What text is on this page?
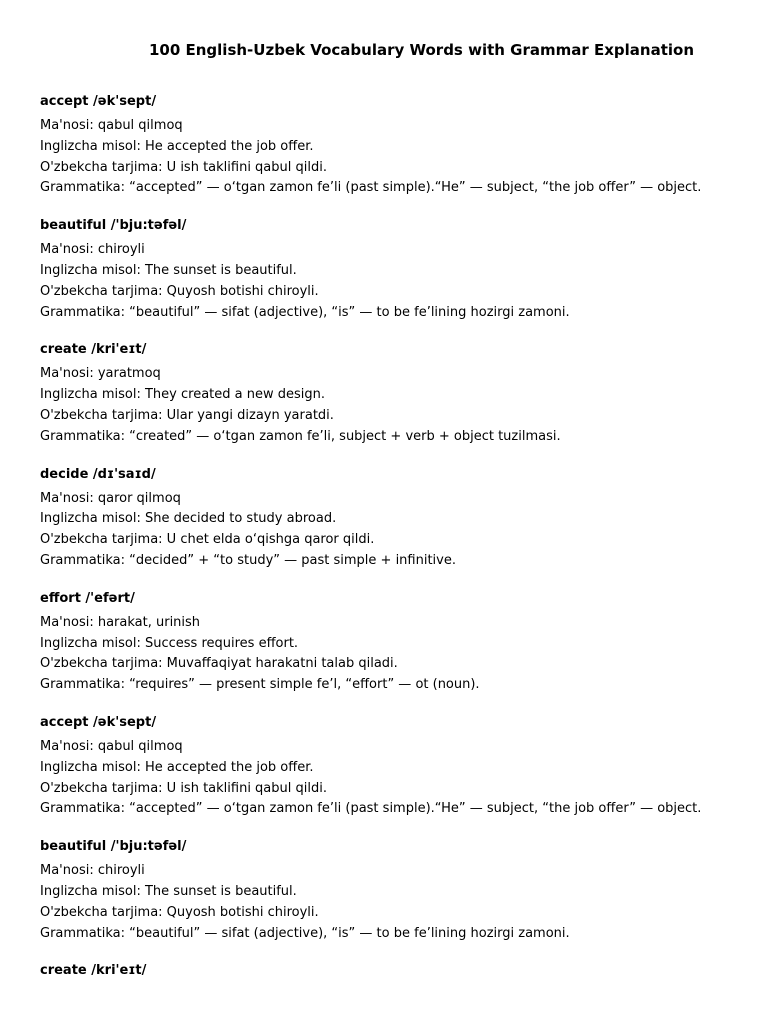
100 English-Uzbek Vocabulary Words with Grammar Explanation
accept /ək'sept/
Ma'nosi: qabul qilmoq
Inglizcha misol: He accepted the job offer.
O'zbekcha tarjima: U ish taklifini qabul qildi.
Grammatika: “accepted” — o‘tgan zamon fe’li (past simple).“He” — subject, “the job offer” — object.
beautiful /'bju:təfəl/
Ma'nosi: chiroyli
Inglizcha misol: The sunset is beautiful.
O'zbekcha tarjima: Quyosh botishi chiroyli.
Grammatika: “beautiful” — sifat (adjective), “is” — to be fe’lining hozirgi zamoni.
create /kri'eɪt/
Ma'nosi: yaratmoq
Inglizcha misol: They created a new design.
O'zbekcha tarjima: Ular yangi dizayn yaratdi.
Grammatika: “created” — o‘tgan zamon fe’li, subject + verb + object tuzilmasi.
decide /dɪ'saɪd/
Ma'nosi: qaror qilmoq
Inglizcha misol: She decided to study abroad.
O'zbekcha tarjima: U chet elda o‘qishga qaror qildi.
Grammatika: “decided” + “to study” — past simple + infinitive.
effort /'efərt/
Ma'nosi: harakat, urinish
Inglizcha misol: Success requires effort.
O'zbekcha tarjima: Muvaffaqiyat harakatni talab qiladi.
Grammatika: “requires” — present simple fe’l, “effort” — ot (noun).
accept /ək'sept/
Ma'nosi: qabul qilmoq
Inglizcha misol: He accepted the job offer.
O'zbekcha tarjima: U ish taklifini qabul qildi.
Grammatika: “accepted” — o‘tgan zamon fe’li (past simple).“He” — subject, “the job offer” — object.
beautiful /'bju:təfəl/
Ma'nosi: chiroyli
Inglizcha misol: The sunset is beautiful.
O'zbekcha tarjima: Quyosh botishi chiroyli.
Grammatika: “beautiful” — sifat (adjective), “is” — to be fe’lining hozirgi zamoni.
create /kri'eɪt/
